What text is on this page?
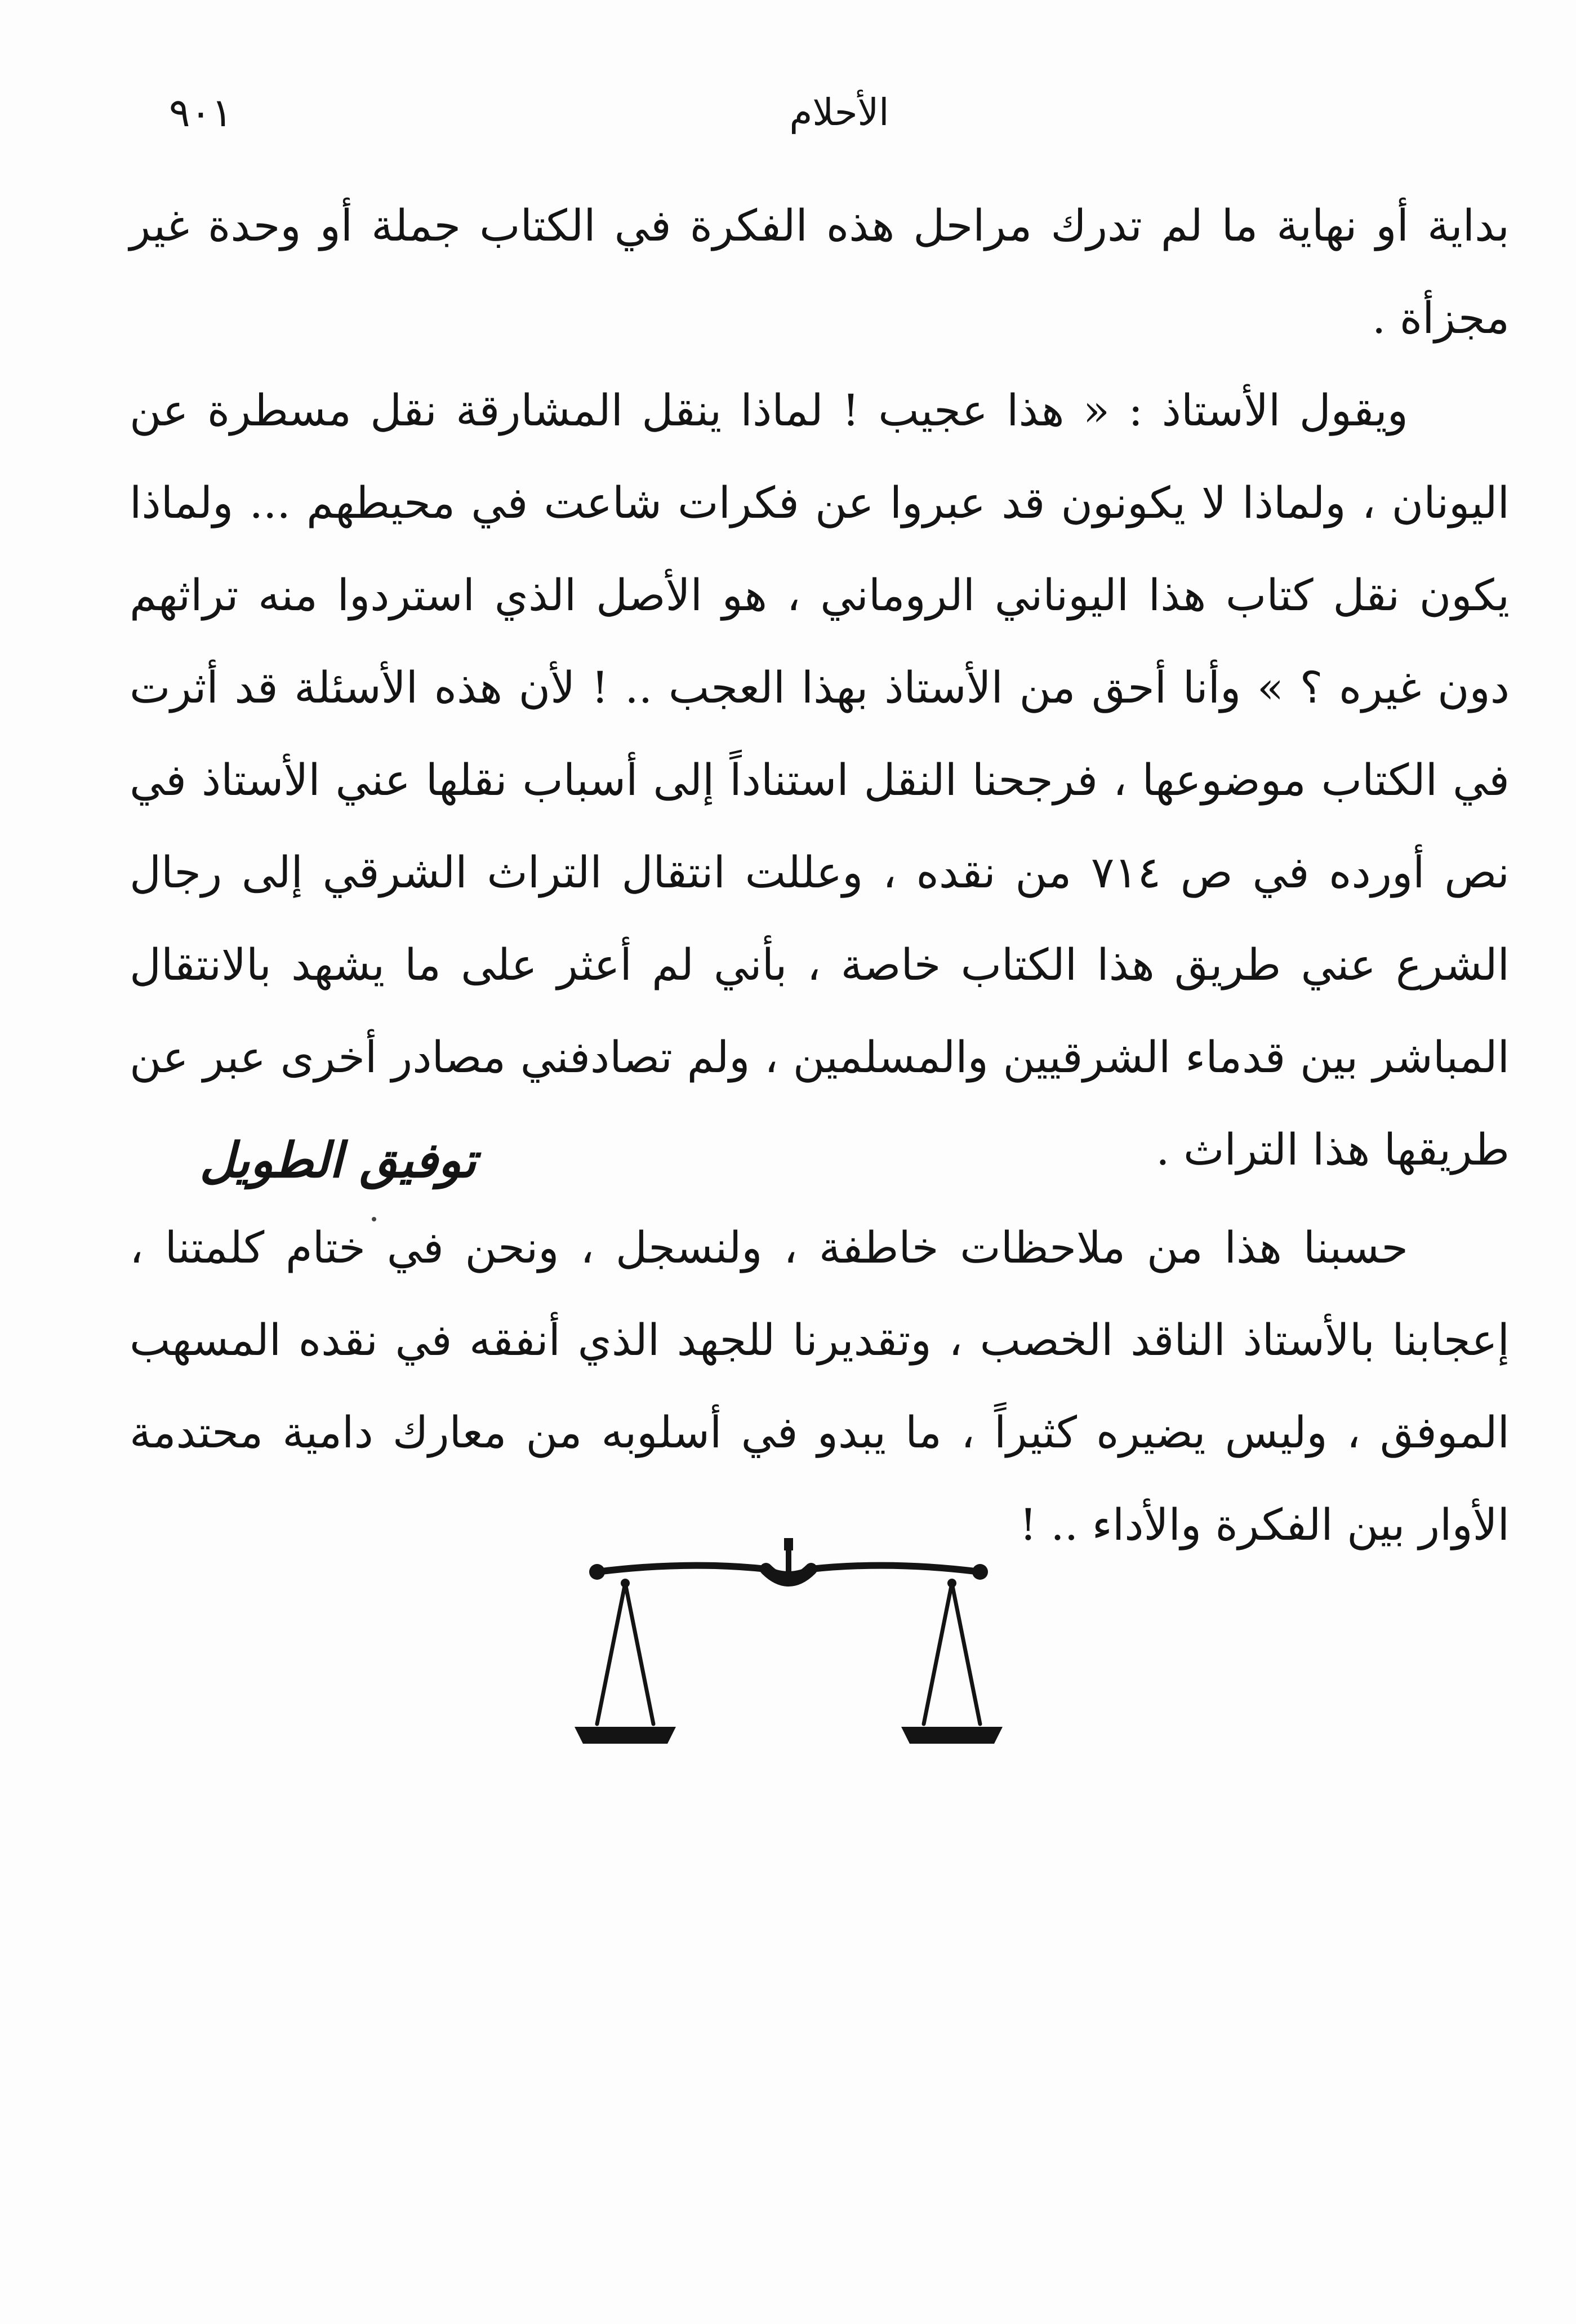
الأحلام
٩٠١

بداية أو نهاية ما لم تدرك مراحل هذه الفكرة في الكتاب جملة أو وحدة غير مجزأة .

ويقول الأستاذ : « هذا عجيب ! لماذا ينقل المشارقة نقل مسطرة عن اليونان ، ولماذا لا يكونون قد عبروا عن فكرات شاعت في محيطهم ... ولماذا يكون نقل كتاب هذا اليوناني الروماني ، هو الأصل الذي استردوا منه تراثهم دون غيره ؟ » وأنا أحق من الأستاذ بهذا العجب .. ! لأن هذه الأسئلة قد أثرت في الكتاب موضوعها ، فرجحنا النقل استناداً إلى أسباب نقلها عني الأستاذ في نص أورده في ص ٧١٤ من نقده ، وعللت انتقال التراث الشرقي إلى رجال الشرع عني طريق هذا الكتاب خاصة ، بأني لم أعثر على ما يشهد بالانتقال المباشر بين قدماء الشرقيين والمسلمين ، ولم تصادفني مصادر أخرى عبر عن طريقها هذا التراث .

حسبنا هذا من ملاحظات خاطفة ، ولنسجل ، ونحن في ختام كلمتنا ، إعجابنا بالأستاذ الناقد الخصب ، وتقديرنا للجهد الذي أنفقه في نقده المسهب الموفق ، وليس يضيره كثيراً ، ما يبدو في أسلوبه من معارك دامية محتدمة الأوار بين الفكرة والأداء .. !

توفيق الطويل
